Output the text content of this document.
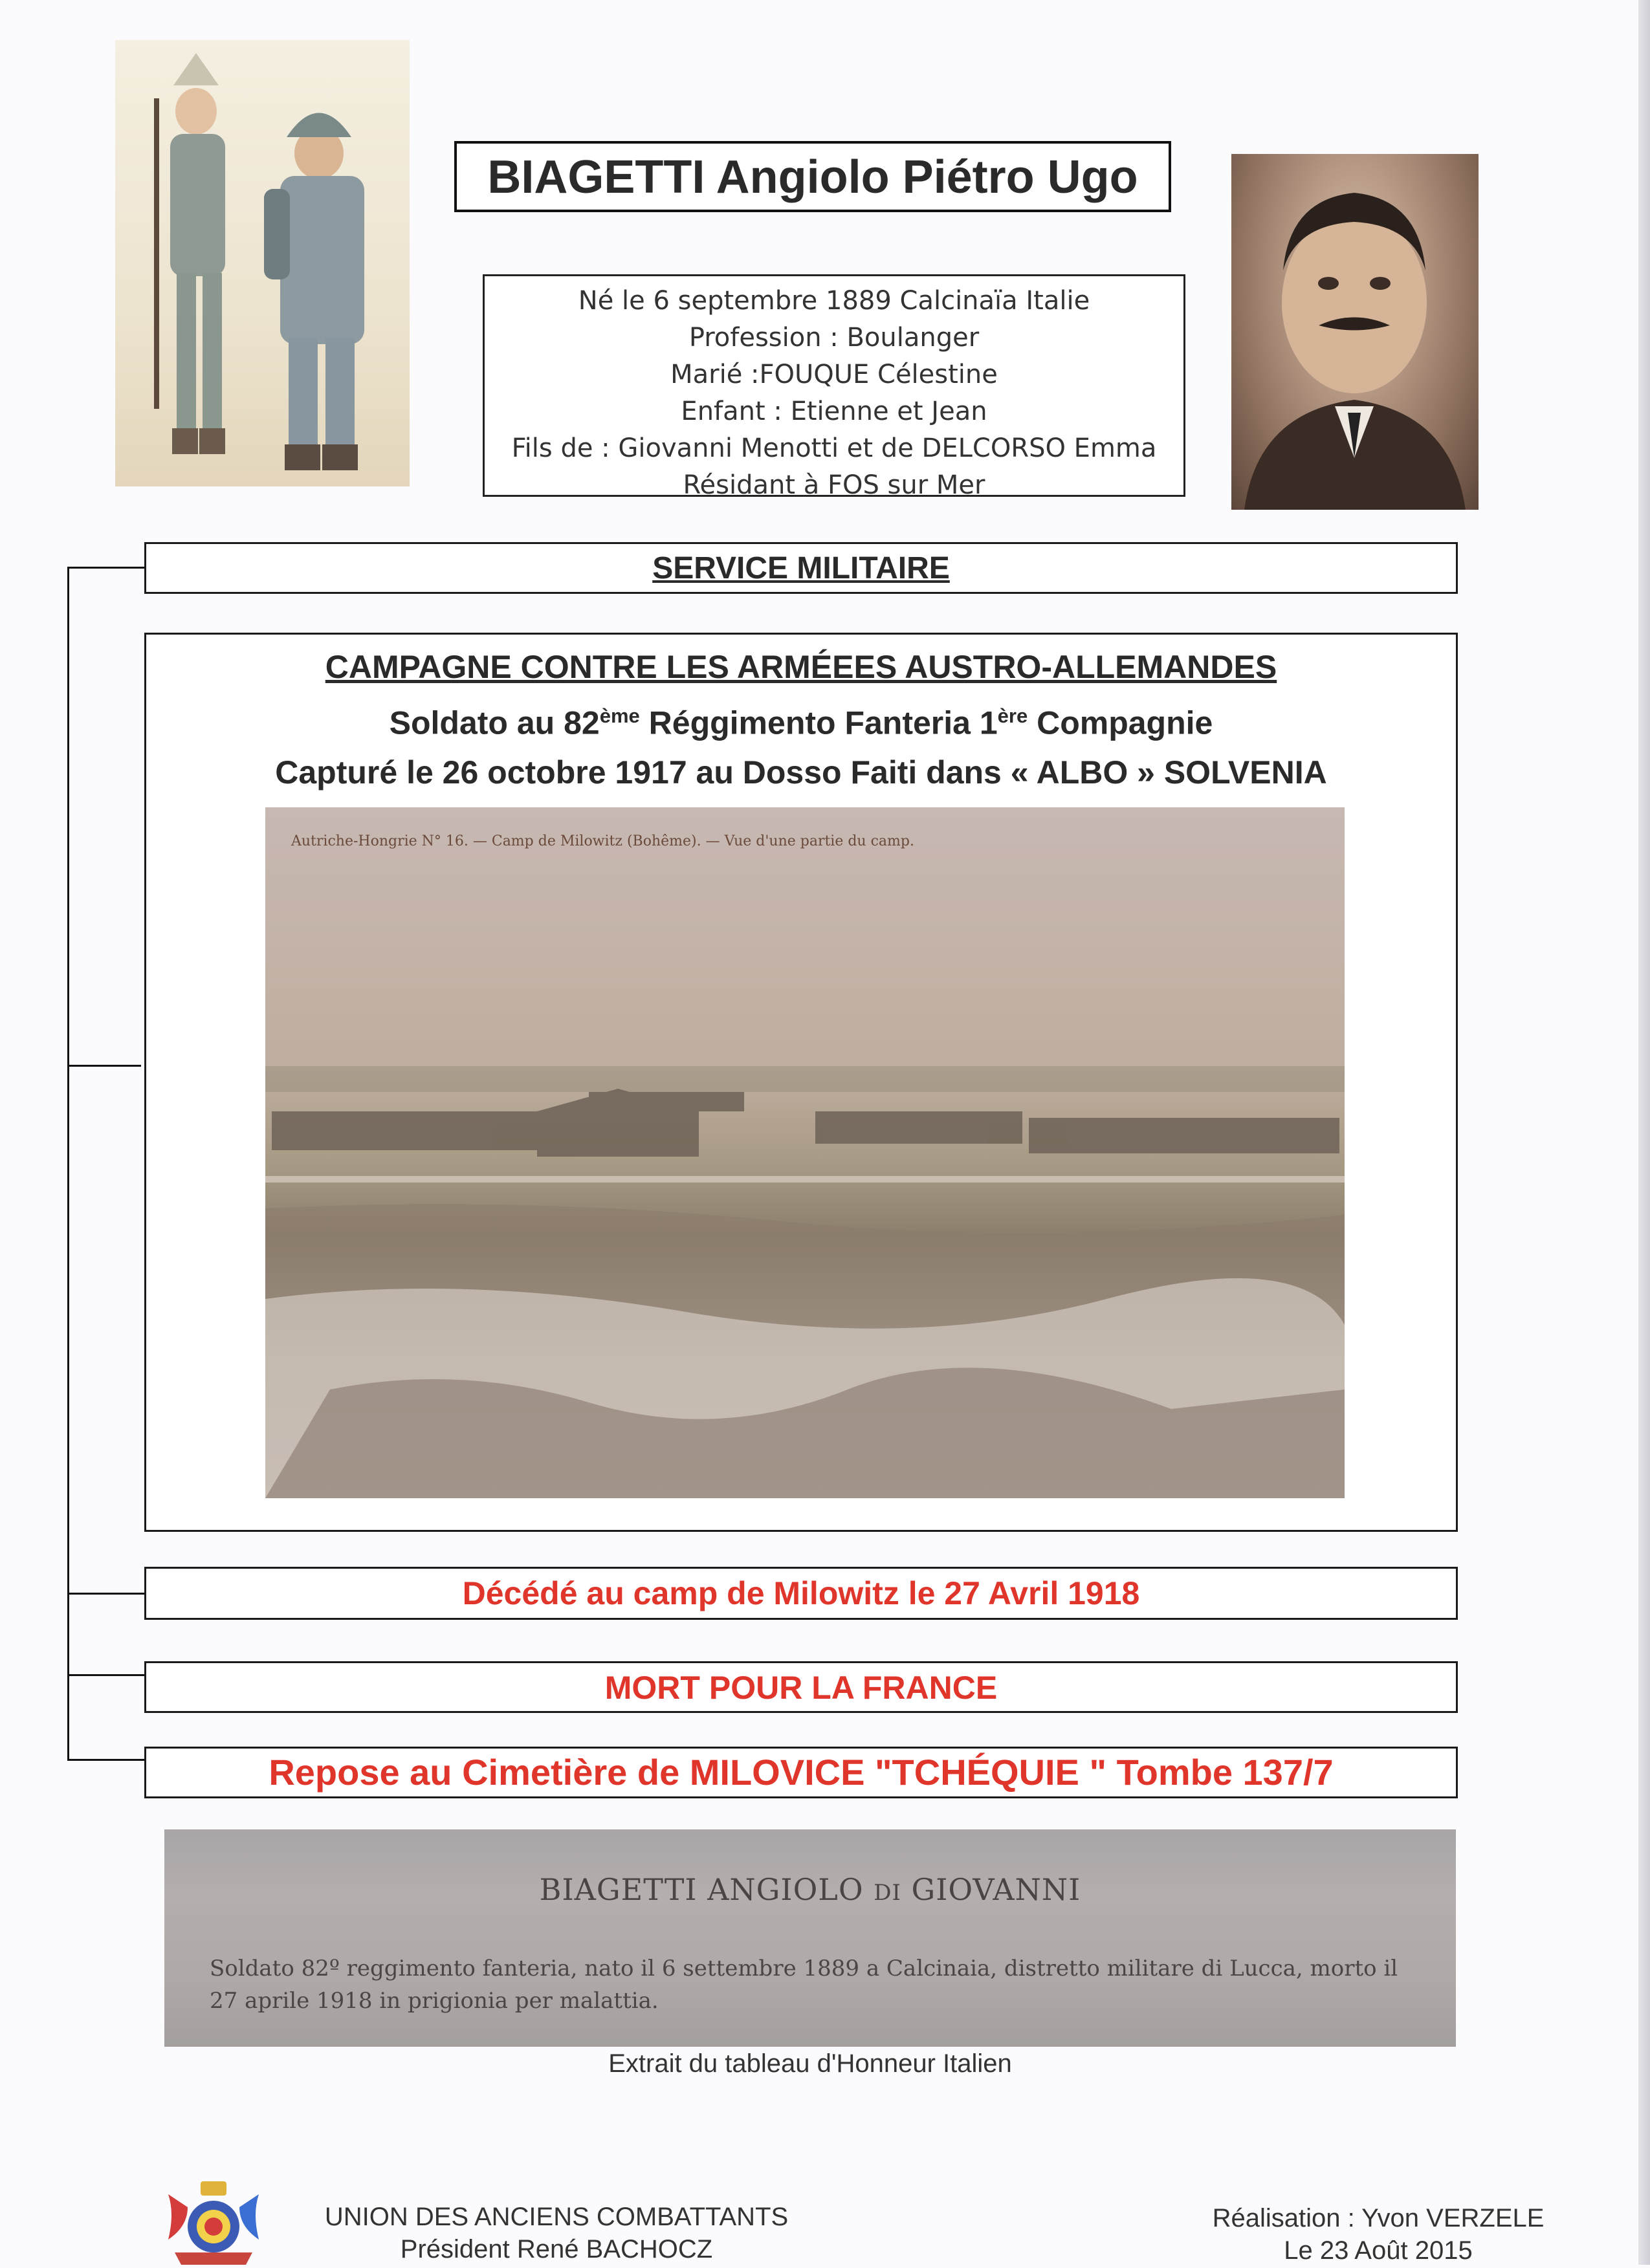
BIAGETTI Angiolo Piétro Ugo
Né le 6 septembre 1889 Calcinaïa Italie
Profession : Boulanger
Marié :FOUQUE Célestine
Enfant : Etienne et Jean
Fils de : Giovanni Menotti et de DELCORSO Emma
Résidant à FOS sur Mer
SERVICE MILITAIRE
CAMPAGNE CONTRE LES ARMÉEES AUSTRO-ALLEMANDES
Soldato au 82ème Réggimento Fanteria 1ère Compagnie
Capturé le 26 octobre 1917 au Dosso Faiti dans « ALBO » SOLVENIA
Autriche-Hongrie N° 16. — Camp de Milowitz (Bohême). — Vue d'une partie du camp.
Décédé au camp de Milowitz le 27 Avril 1918
MORT POUR LA FRANCE
Repose au Cimetière de MILOVICE "TCHÉQUIE " Tombe 137/7
BIAGETTI ANGIOLO DI GIOVANNI
Soldato 82º reggimento fanteria, nato il 6 settembre 1889 a Calcinaia, distretto militare di Lucca, morto il 27 aprile 1918 in prigionia per malattia.
Extrait du tableau d'Honneur Italien
UNION DES ANCIENS COMBATTANTS
Président René BACHOCZ
Réalisation : Yvon VERZELE
Le 23 Août 2015
